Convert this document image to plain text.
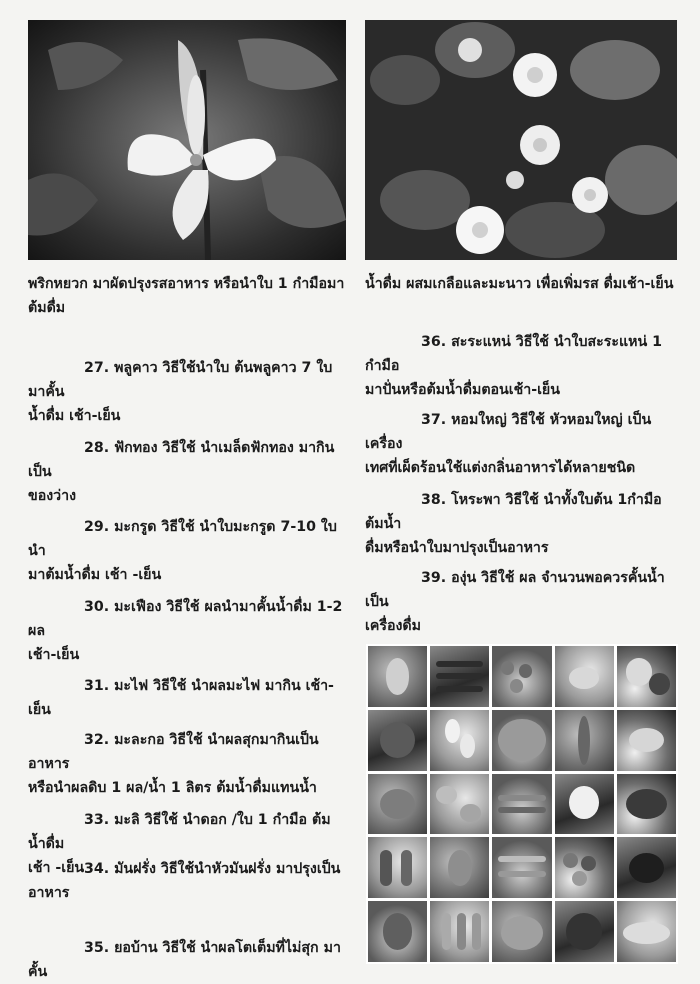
พริกหยวก มาผัดปรุงรสอาหาร หรือนำใบ 1 กำมือมา
ต้มดื่ม

27. พลูคาว วิธีใช้นำใบ ต้นพลูคาว 7 ใบมาคั้น
น้ำดื่ม เช้า-เย็น

28. ฟักทอง วิธีใช้ นำเมล็ดฟักทอง มากินเป็น
ของว่าง

29. มะกรูด วิธีใช้ นำใบมะกรูด 7-10 ใบ นำ
มาต้มน้ำดื่ม เช้า -เย็น

30. มะเฟือง วิธีใช้ ผลนำมาคั้นน้ำดื่ม 1-2 ผล
เช้า-เย็น

31. มะไฟ วิธีใช้ นำผลมะไฟ มากิน เช้า-เย็น

32. มะละกอ วิธีใช้ นำผลสุกมากินเป็นอาหาร
หรือนำผลดิบ 1 ผล/น้ำ 1 ลิตร ต้มน้ำดื่มแทนน้ำ

33. มะลิ วิธีใช้ นำดอก /ใบ 1 กำมือ ต้มน้ำดื่ม
เช้า -เย็น 34. มันฝรั่ง วิธีใช้นำหัวมันฝรั่ง มาปรุงเป็น
อาหาร

35. ยอบ้าน วิธีใช้ นำผลโตเต็มที่ไม่สุก มาคั้น

น้ำดื่ม ผสมเกลือและมะนาว เพื่อเพิ่มรส ดื่มเช้า-เย็น

36. สะระแหน่ วิธีใช้ นำใบสะระแหน่ 1 กำมือ
มาปั่นหรือต้มน้ำดื่มตอนเช้า-เย็น

37. หอมใหญ่ วิธีใช้ หัวหอมใหญ่ เป็นเครื่อง
เทศที่เผ็ดร้อนใช้แต่งกลิ่นอาหารได้หลายชนิด

38. โหระพา วิธีใช้ นำทั้งใบต้น 1กำมือต้มน้ำ
ดื่มหรือนำใบมาปรุงเป็นอาหาร

39. องุ่น วิธีใช้ ผล จำนวนพอควรคั้นน้ำเป็น
เครื่องดื่ม
